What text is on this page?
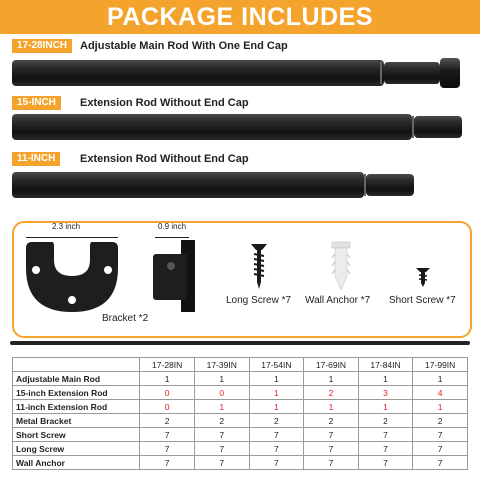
PACKAGE INCLUDES
17-28INCH	Adjustable Main Rod With One End Cap
15-INCH	Extension Rod Without End Cap
11-INCH	Extension Rod Without End Cap
2.3 inch	0.9 inch
Bracket *2
Long Screw *7 Wall Anchor *7 Short Screw *7
	17-28IN	17-39IN	17-54IN	17-69IN	17-84IN	17-99IN
Adjustable Main Rod	1	1	1	1	1	1
15-inch Extension Rod	0	0	1	2	3	4
11-inch Extension Rod	0	1	1	1	1	1
Metal Bracket	2	2	2	2	2	2
Short Screw	7	7	7	7	7	7
Long Screw	7	7	7	7	7	7
Wall Anchor	7	7	7	7	7	7
